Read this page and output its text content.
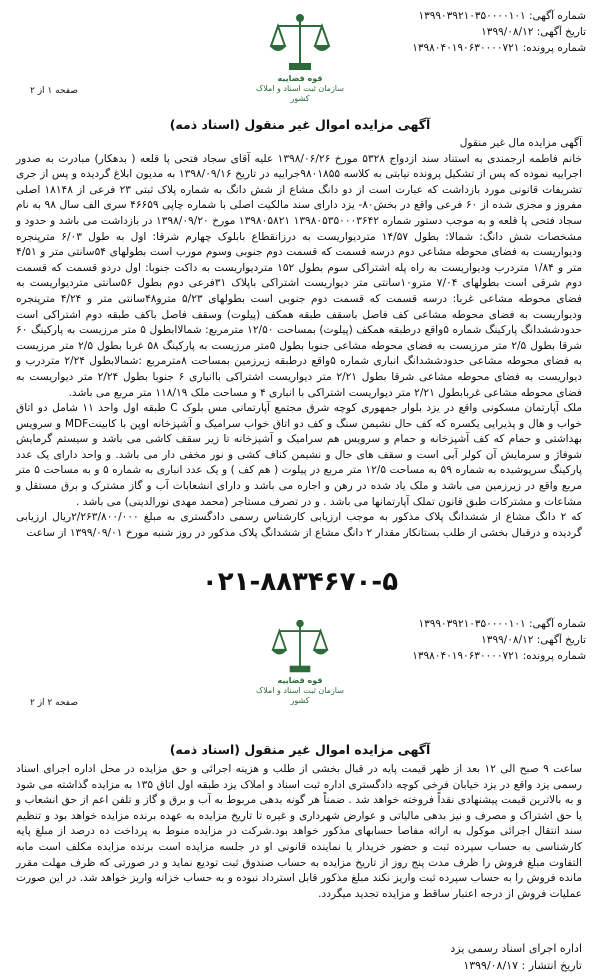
شماره آگهی: ۱۳۹۹۰۳۹۲۱۰۳۵۰۰۰۰۱۰۱
تاریخ آگهی: ۱۳۹۹/۰۸/۱۲
شماره پرونده: ۱۳۹۸۰۴۰۱۹۰۶۳۰۰۰۰۷۲۱
قوه قضاییه
سازمان ثبت اسناد و املاک کشور
صفحه ۱ از ۲
آگهی مزایده اموال غیر منقول (اسناد ذمه)

آگهی مزایده مال غیر منقول

خانم فاطمه ارجمندی به استناد سند ازدواج ۵۳۲۸ مورخ ۱۳۹۸/۰۶/۲۶ علیه آقای سجاد فتحی پا قلعه ( بدهکار) مبادرت به صدور اجراییه نموده که پس از تشکیل پرونده نیابتی به کلاسه ۹۸۰۱۸۵۵جراییه در تاریخ ۱۳۹۸/۰۹/۱۶ به مدیون ابلاغ گردیده و پس از جری تشریفات قانونی مورد بازداشت که عبارت است از دو دانگ مشاع از شش دانگ به شماره پلاک ثبتی ۲۳ فرعی از ۱۸۱۴۸ اصلی مفروز و مجزی شده از ۶۰ فرعی واقع در بخش۸۰- یزد دارای سند مالکیت اصلی با شماره چاپی ۴۶۶۵۹ سری الف سال ۹۸ به نام سجاد فتحی پا قلعه و به موجب دستور شماره ۱۳۹۸۰۵۳۵۰۰۰۳۶۴۲ ۱۳۹۸۰۵۸۲۱ مورخ ۱۳۹۸/۰۹/۲۰ در بازداشت می باشد و حدود و مشخصات شش دانگ: شمالا: بطول ۱۴/۵۷ متردیواریست به درزانقطاع بابلوک چهارم شرقا: اول به طول ۶/۰۳ مترپنجره ودیواریست به فضای محوطه مشاعی دوم درسه قسمت که قسمت دوم جنوبی وسوم مورب است بطولهای ۵۴سانتی متر و ۴/۵۱ متر و ۱/۸۴ متردرب ودیواریست به راه پله اشتراکی سوم بطول ۱۵۲ متردیواریست به داکت جنوبا: اول دردو قسمت که قسمت دوم شرقی است بطولهای ۷/۰۴ مترو۱۰سانتی متر دیواریست اشتراکی باپلاک ۳۱فرعی دوم بطول ۵۶سانتی متردیواریست به فضای محوطه مشاعی غربا: درسه قسمت که قسمت دوم جنوبی است بطولهای ۵/۲۳ مترو۴۸سانتی متر و ۴/۲۴ مترپنجره ودیواریست به فضای محوطه مشاعی کف فاصل باسقف طبقه همکف (پیلوت) وسقف فاصل باکف طبقه دوم اشتراکی است حدودششدانگ پارکینگ شماره ۵واقع درطبقه همکف (پیلوت) بمساحت ۱۲/۵۰ مترمربع: شمالاابطول ۵ متر مرزیست به پارکینگ ۶۰ شرقا بطول ۲/۵ متر مرزیست به فضای محوطه مشاعی جنوبا بطول ۵متر مرزیست به پارکینگ ۵۸ غربا بطول ۲/۵ متر مرزیست به فضای محوطه مشاعی حدودششدانگ انباری شماره ۵واقع درطبقه زیرزمین بمساحت ۸مترمربع :شمالابطول ۲/۲۴ متردرب و دیواریست به فضای محوطه مشاعی شرقا بطول ۲/۲۱ متر دیواریست اشتراکی باانباری ۶ جنوبا بطول ۲/۲۴ متر دیواریست به فضای محوطه مشاعی غربابطول ۲/۲۱ متر دیواریست اشتراکی با انباری ۴ و مساحت ملک ۱۱۸/۱۹ متر مربع می باشد.

ملک آپارتمان مسکونی واقع در یزد بلوار جمهوری کوچه شرق مجتمع آپارتمانی مس بلوک C طبقه اول واحد ۱۱ شامل دو اتاق خواب و هال و پذیرایی یکسره که کف حال نشیمن سنگ و کف دو اتاق خواب سرامیک و آشپزخانه اوپن با کابینتMDF و سرویس بهداشتی و حمام که کف آشپزخانه و حمام و سرویس هم سرامیک و آشپزخانه تا زیر سقف کاشی می باشد و سیستم گرمایش شوفاژ و سرمایش آن کولر آبی است و سقف های حال و نشیمن کناف کشی و نور مخفی دار می باشد. و واحد دارای یک عدد پارکینگ سرپوشیده به شماره ۵۹ به مساحت ۱۲/۵ متر مربع در پیلوت ( هم کف ) و یک عدد انباری به شماره ۵ و به مساحت ۵ متر مربع واقع در زیرزمین می باشد و ملک یاد شده در رهن و اجاره می باشد و دارای انشعابات آب و گاز مشترک و برق مستقل و مشاعات و مشترکات طبق قانون تملک آپارتمانها می باشد . و در تصرف مستاجر (محمد مهدی نورالدینی) می باشد .

که ۲ دانگ مشاع از ششدانگ پلاک مذکور به موجب ارزیابی کارشناس رسمی دادگستری به مبلغ ۲/۲۶۳/۸۰۰/۰۰۰ریال ارزیابی گردیده و درقبال بخشی از طلب بستانکار مقدار ۲ دانگ مشاع از ششدانگ پلاک مذکور در روز شنبه مورخ ۱۳۹۹/۰۹/۰۱ از ساعت

۰۲۱-۸۸۳۴۶۷۰-۵
شماره آگهی: ۱۳۹۹۰۳۹۲۱۰۳۵۰۰۰۰۱۰۱
تاریخ آگهی: ۱۳۹۹/۰۸/۱۲
شماره پرونده: ۱۳۹۸۰۴۰۱۹۰۶۳۰۰۰۰۷۲۱
قوه قضاییه
سازمان ثبت اسناد و املاک کشور
صفحه ۲ از ۲
آگهی مزایده اموال غیر منقول (اسناد ذمه)

ساعت ۹ صبح الی ۱۲ بعد از ظهر قیمت پایه در قبال بخشی از طلب و هزینه اجرائی و حق مزایده در محل اداره اجرای اسناد رسمی یزد واقع در یزد خیابان فرخی کوچه دادگستری اداره ثبت اسناد و املاک یزد طبقه اول اتاق ۱۳۵ به مزایده گذاشته می شود و به بالاترین قیمت پیشنهادی نقداً فروخته خواهد شد . ضمناً هر گونه بدهی مربوط به آب و برق و گاز و تلفن اعم از حق انشعاب و یا حق اشتراک و مصرف و نیز بدهی مالیاتی و عوارض شهرداری و غیره تا تاریخ مزایده به عهده برنده مزایده خواهد بود و تنظیم سند انتقال اجرائی موکول به ارائه مفاصا حسابهای مذکور خواهد بود.شرکت در مزایده منوط به پرداخت ده درصد از مبلغ پایه کارشناسی به حساب سپرده ثبت و حضور خریدار یا نماینده قانونی او در جلسه مزایده است برنده مزایده مکلف است مابه التفاوت مبلغ فروش را ظرف مدت پنج روز از تاریخ مزایده به حساب صندوق ثبت تودیع نماید و در صورتی که ظرف مهلت مقرر مانده فروش را به حساب سپرده ثبت واریز نکند مبلغ مذکور قابل استرداد نبوده و به حساب خزانه واریز خواهد شد. در این صورت عملیات فروش از درجه اعتبار ساقط و مزایده تجدید میگردد.

اداره اجرای اسناد رسمی یزد
تاریخ انتشار : ۱۳۹۹/۰۸/۱۷
